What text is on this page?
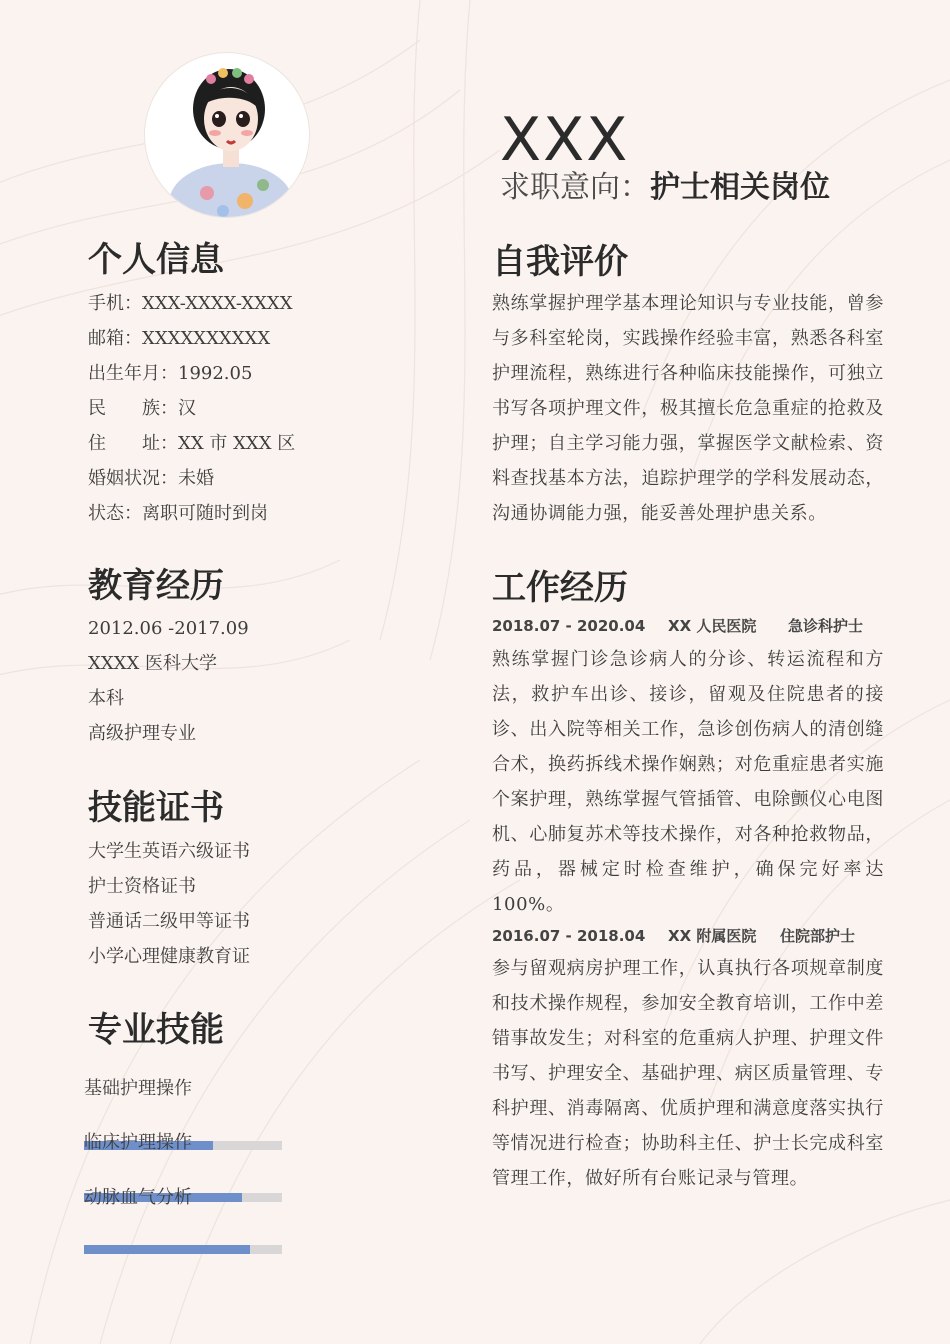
XXX
求职意向：护士相关岗位
个人信息
手机：XXX-XXXX-XXXX
邮箱：XXXXXXXXXX
出生年月：1992.05
民　　族：汉
住　　址：XX 市 XXX 区
婚姻状况：未婚
状态：离职可随时到岗
教育经历
2012.06 -2017.09
XXXX 医科大学
本科
高级护理专业
技能证书
大学生英语六级证书
护士资格证书
普通话二级甲等证书
小学心理健康教育证
专业技能
基础护理操作
临床护理操作
动脉血气分析
自我评价

熟练掌握护理学基本理论知识与专业技能，曾参与多科室轮岗，实践操作经验丰富，熟悉各科室护理流程，熟练进行各种临床技能操作，可独立书写各项护理文件，极其擅长危急重症的抢救及护理；自主学习能力强，掌握医学文献检索、资料查找基本方法，追踪护理学的学科发展动态，沟通协调能力强，能妥善处理护患关系。

工作经历
2018.07 - 2020.04 XX 人民医院 急诊科护士

熟练掌握门诊急诊病人的分诊、转运流程和方法，救护车出诊、接诊，留观及住院患者的接诊、出入院等相关工作，急诊创伤病人的清创缝合术，换药拆线术操作娴熟；对危重症患者实施个案护理，熟练掌握气管插管、电除颤仪心电图机、心肺复苏术等技术操作，对各种抢救物品，药品，器械定时检查维护，确保完好率达 100%。

2016.07 - 2018.04 XX 附属医院 住院部护士

参与留观病房护理工作，认真执行各项规章制度和技术操作规程，参加安全教育培训，工作中差错事故发生；对科室的危重病人护理、护理文件书写、护理安全、基础护理、病区质量管理、专科护理、消毒隔离、优质护理和满意度落实执行等情况进行检查；协助科主任、护士长完成科室管理工作，做好所有台账记录与管理。
